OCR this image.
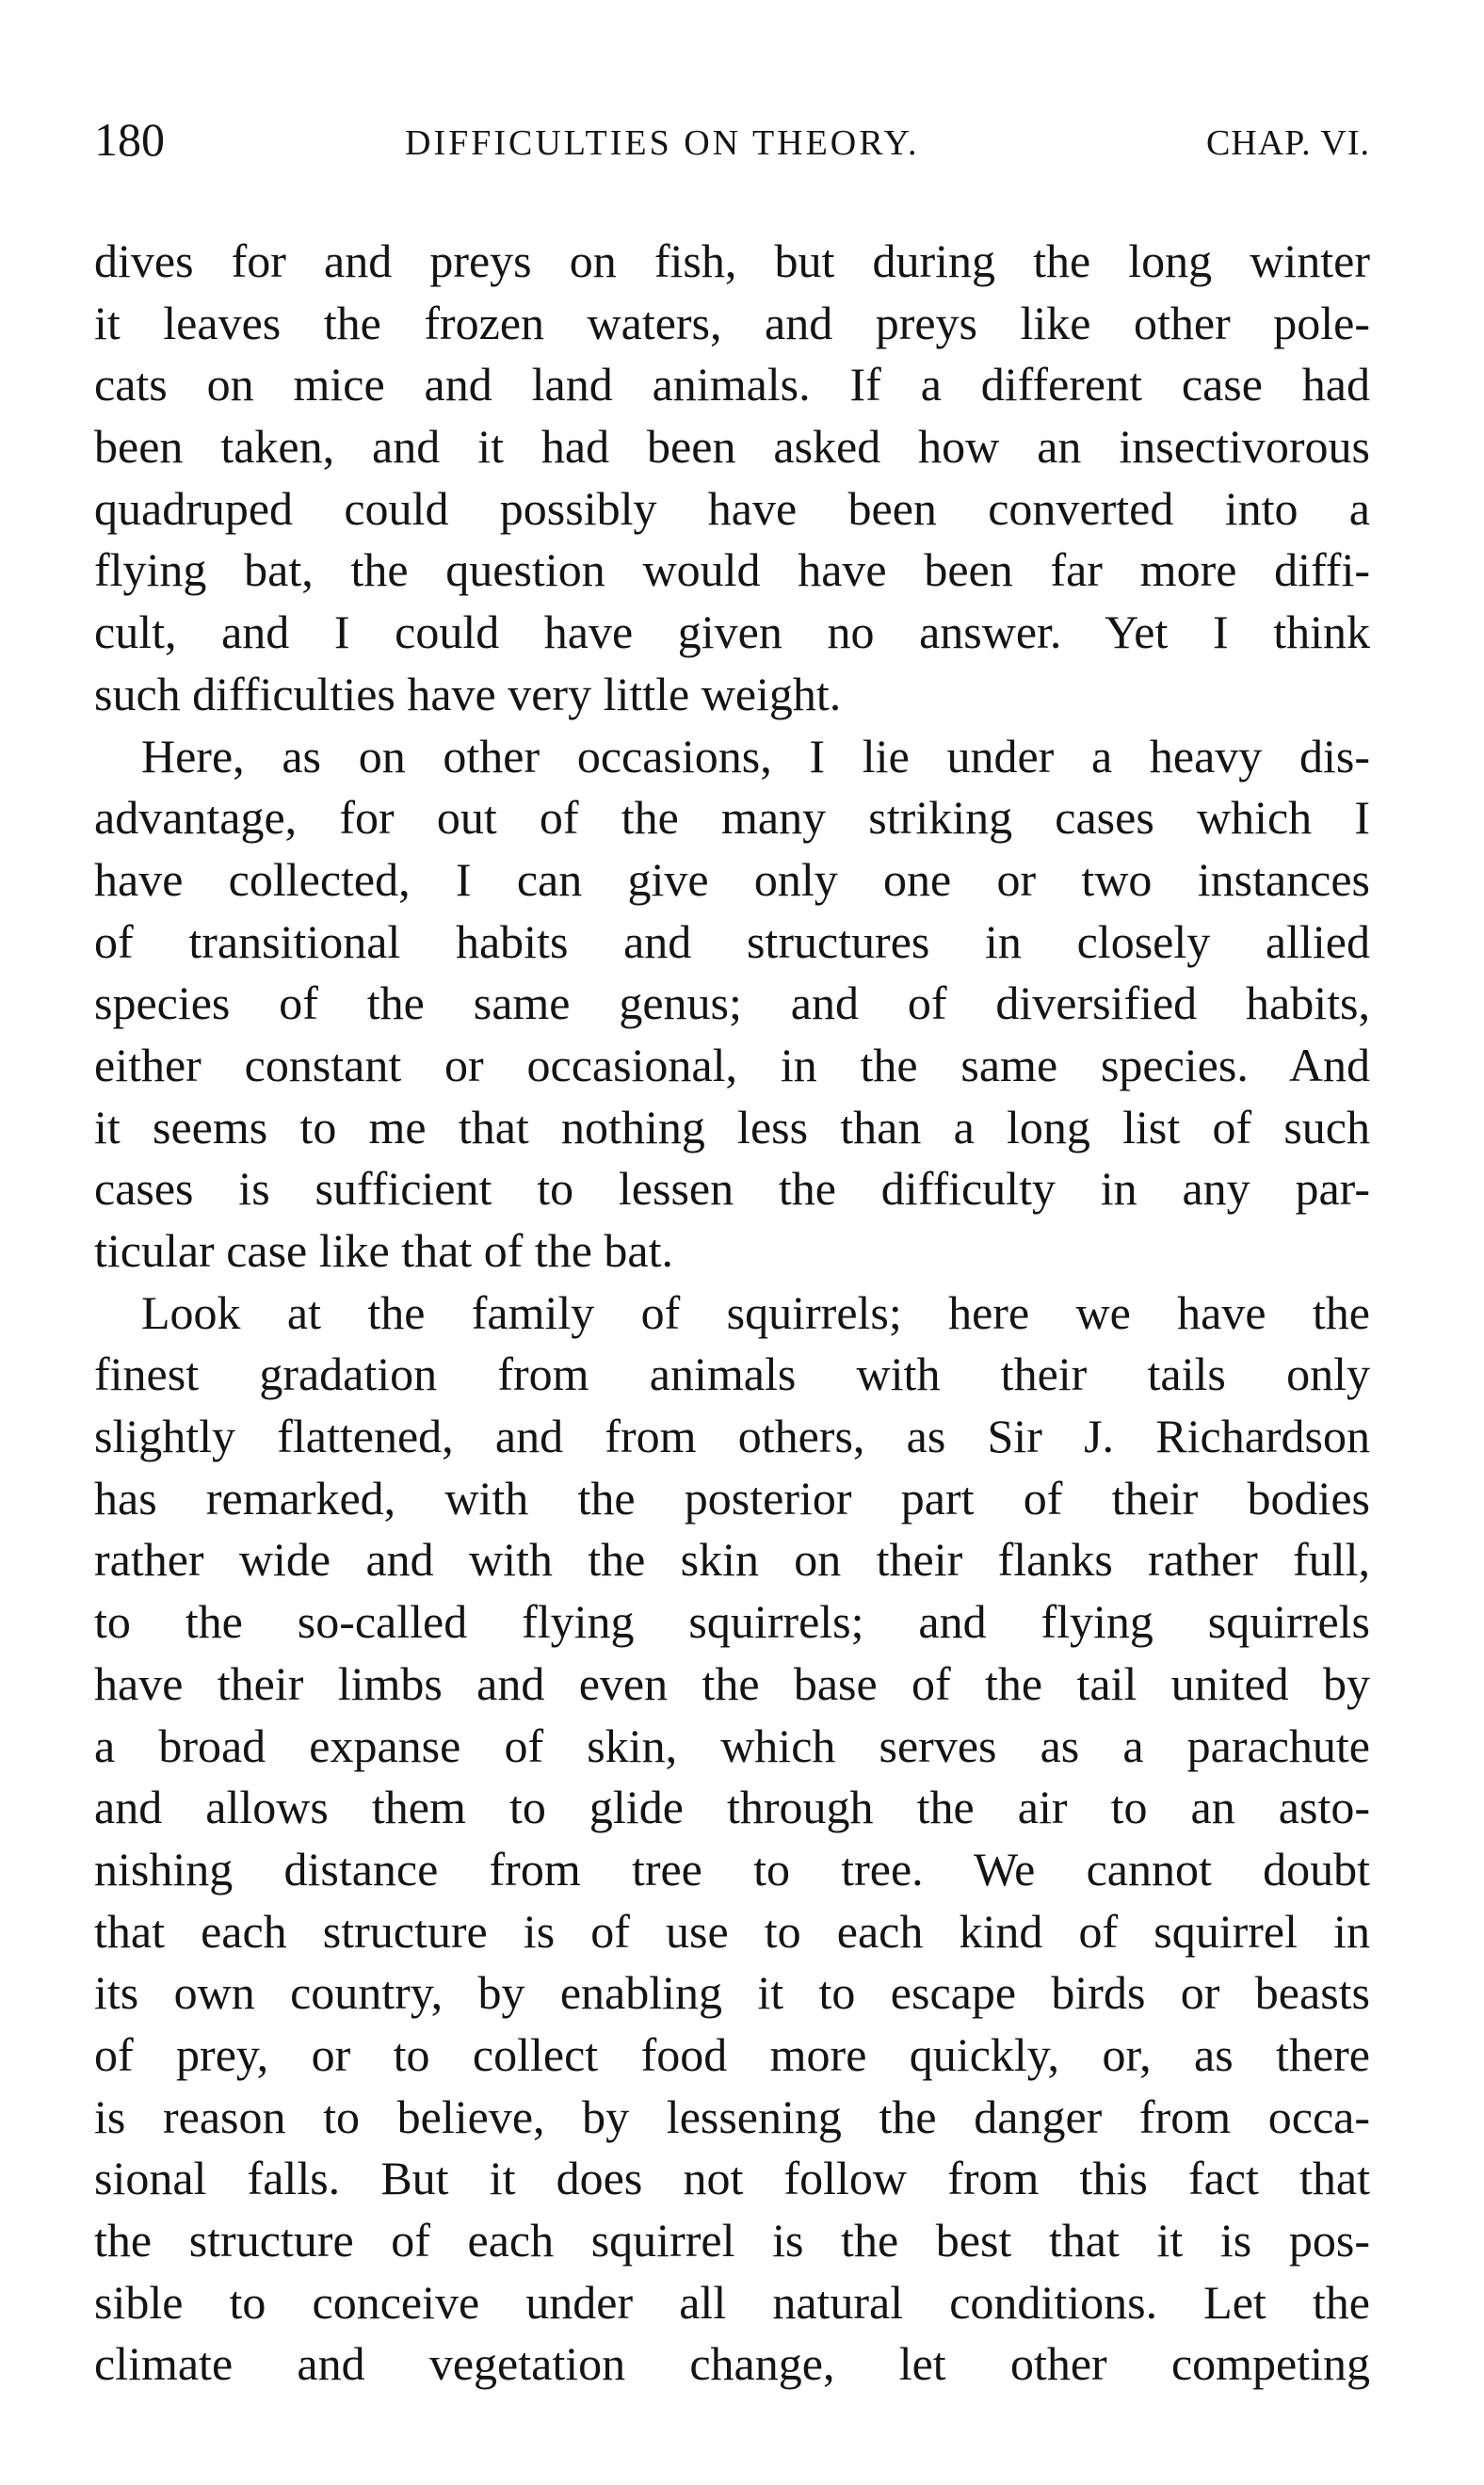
180	DIFFICULTIES ON THEORY.	CHAP. VI.
dives for and preys on fish, but during the long winter
it leaves the frozen waters, and preys like other pole-
cats on mice and land animals. If a different case had
been taken, and it had been asked how an insectivorous
quadruped could possibly have been converted into a
flying bat, the question would have been far more diffi-
cult, and I could have given no answer. Yet I think
such difficulties have very little weight.
Here, as on other occasions, I lie under a heavy dis-
advantage, for out of the many striking cases which I
have collected, I can give only one or two instances
of transitional habits and structures in closely allied
species of the same genus; and of diversified habits,
either constant or occasional, in the same species. And
it seems to me that nothing less than a long list of such
cases is sufficient to lessen the difficulty in any par-
ticular case like that of the bat.
Look at the family of squirrels; here we have the
finest gradation from animals with their tails only
slightly flattened, and from others, as Sir J. Richardson
has remarked, with the posterior part of their bodies
rather wide and with the skin on their flanks rather full,
to the so-called flying squirrels; and flying squirrels
have their limbs and even the base of the tail united by
a broad expanse of skin, which serves as a parachute
and allows them to glide through the air to an asto-
nishing distance from tree to tree. We cannot doubt
that each structure is of use to each kind of squirrel in
its own country, by enabling it to escape birds or beasts
of prey, or to collect food more quickly, or, as there
is reason to believe, by lessening the danger from occa-
sional falls. But it does not follow from this fact that
the structure of each squirrel is the best that it is pos-
sible to conceive under all natural conditions. Let the
climate and vegetation change, let other competing
